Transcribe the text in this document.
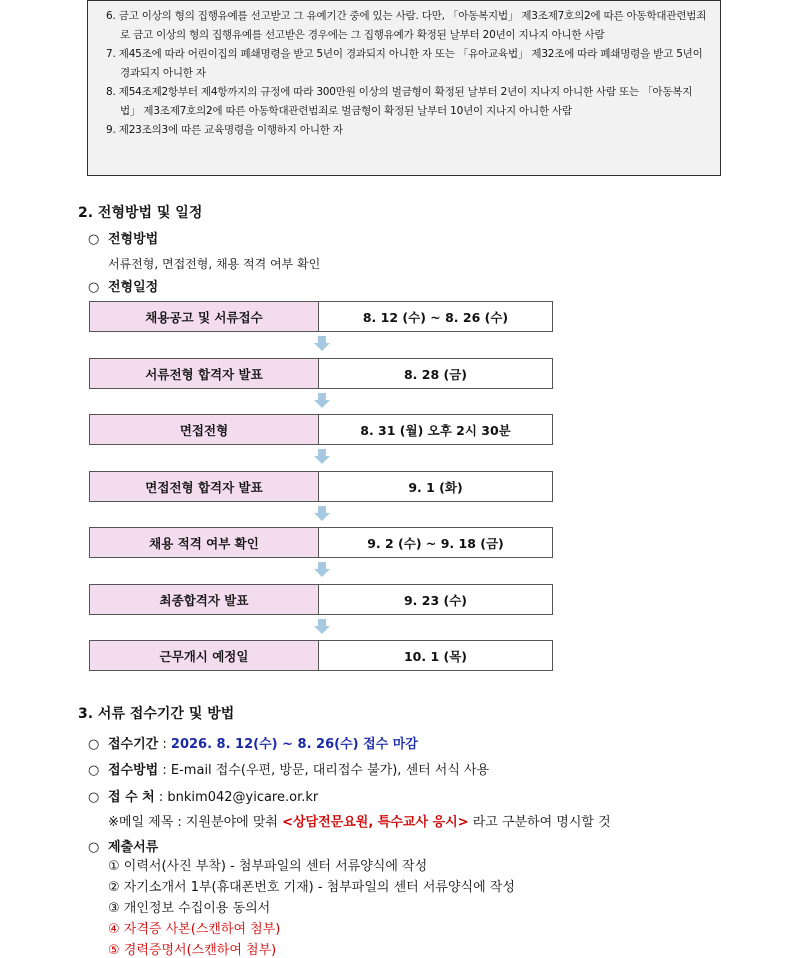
6. 금고 이상의 형의 집행유예를 선고받고 그 유예기간 중에 있는 사람. 다만, 「아동복지법」 제3조제7호의2에 따른 아동학대관련범죄로 금고 이상의 형의 집행유예를 선고받은 경우에는 그 집행유예가 확정된 날부터 20년이 지나지 아니한 사람
7. 제45조에 따라 어린이집의 폐쇄명령을 받고 5년이 경과되지 아니한 자 또는 「유아교육법」 제32조에 따라 폐쇄명령을 받고 5년이 경과되지 아니한 자
8. 제54조제2항부터 제4항까지의 규정에 따라 300만원 이상의 벌금형이 확정된 날부터 2년이 지나지 아니한 사람 또는 「아동복지법」 제3조제7호의2에 따른 아동학대관련범죄로 벌금형이 확정된 날부터 10년이 지나지 아니한 사람
9. 제23조의3에 따른 교육명령을 이행하지 아니한 자
2. 전형방법 및 일정
○ 전형방법
서류전형, 면접전형, 채용 적격 여부 확인
○ 전형일정
채용공고 및 서류접수	8. 12 (수) ~ 8. 26 (수)
서류전형 합격자 발표	8. 28 (금)
면접전형	8. 31 (월) 오후 2시 30분
면접전형 합격자 발표	9. 1 (화)
채용 적격 여부 확인	9. 2 (수) ~ 9. 18 (금)
최종합격자 발표	9. 23 (수)
근무개시 예정일	10. 1 (목)
3. 서류 접수기간 및 방법
○ 접수기간 : 2026. 8. 12(수) ~ 8. 26(수) 접수 마감
○ 접수방법 : E-mail 접수(우편, 방문, 대리접수 불가), 센터 서식 사용
○ 접 수 처 : bnkim042@yicare.or.kr
※메일 제목 : 지원분야에 맞춰 <상담전문요원, 특수교사 응시> 라고 구분하여 명시할 것
○ 제출서류
① 이력서(사진 부착) - 첨부파일의 센터 서류양식에 작성
② 자기소개서 1부(휴대폰번호 기재) - 첨부파일의 센터 서류양식에 작성
③ 개인정보 수집이용 동의서
④ 자격증 사본(스캔하여 첨부)
⑤ 경력증명서(스캔하여 첨부)
